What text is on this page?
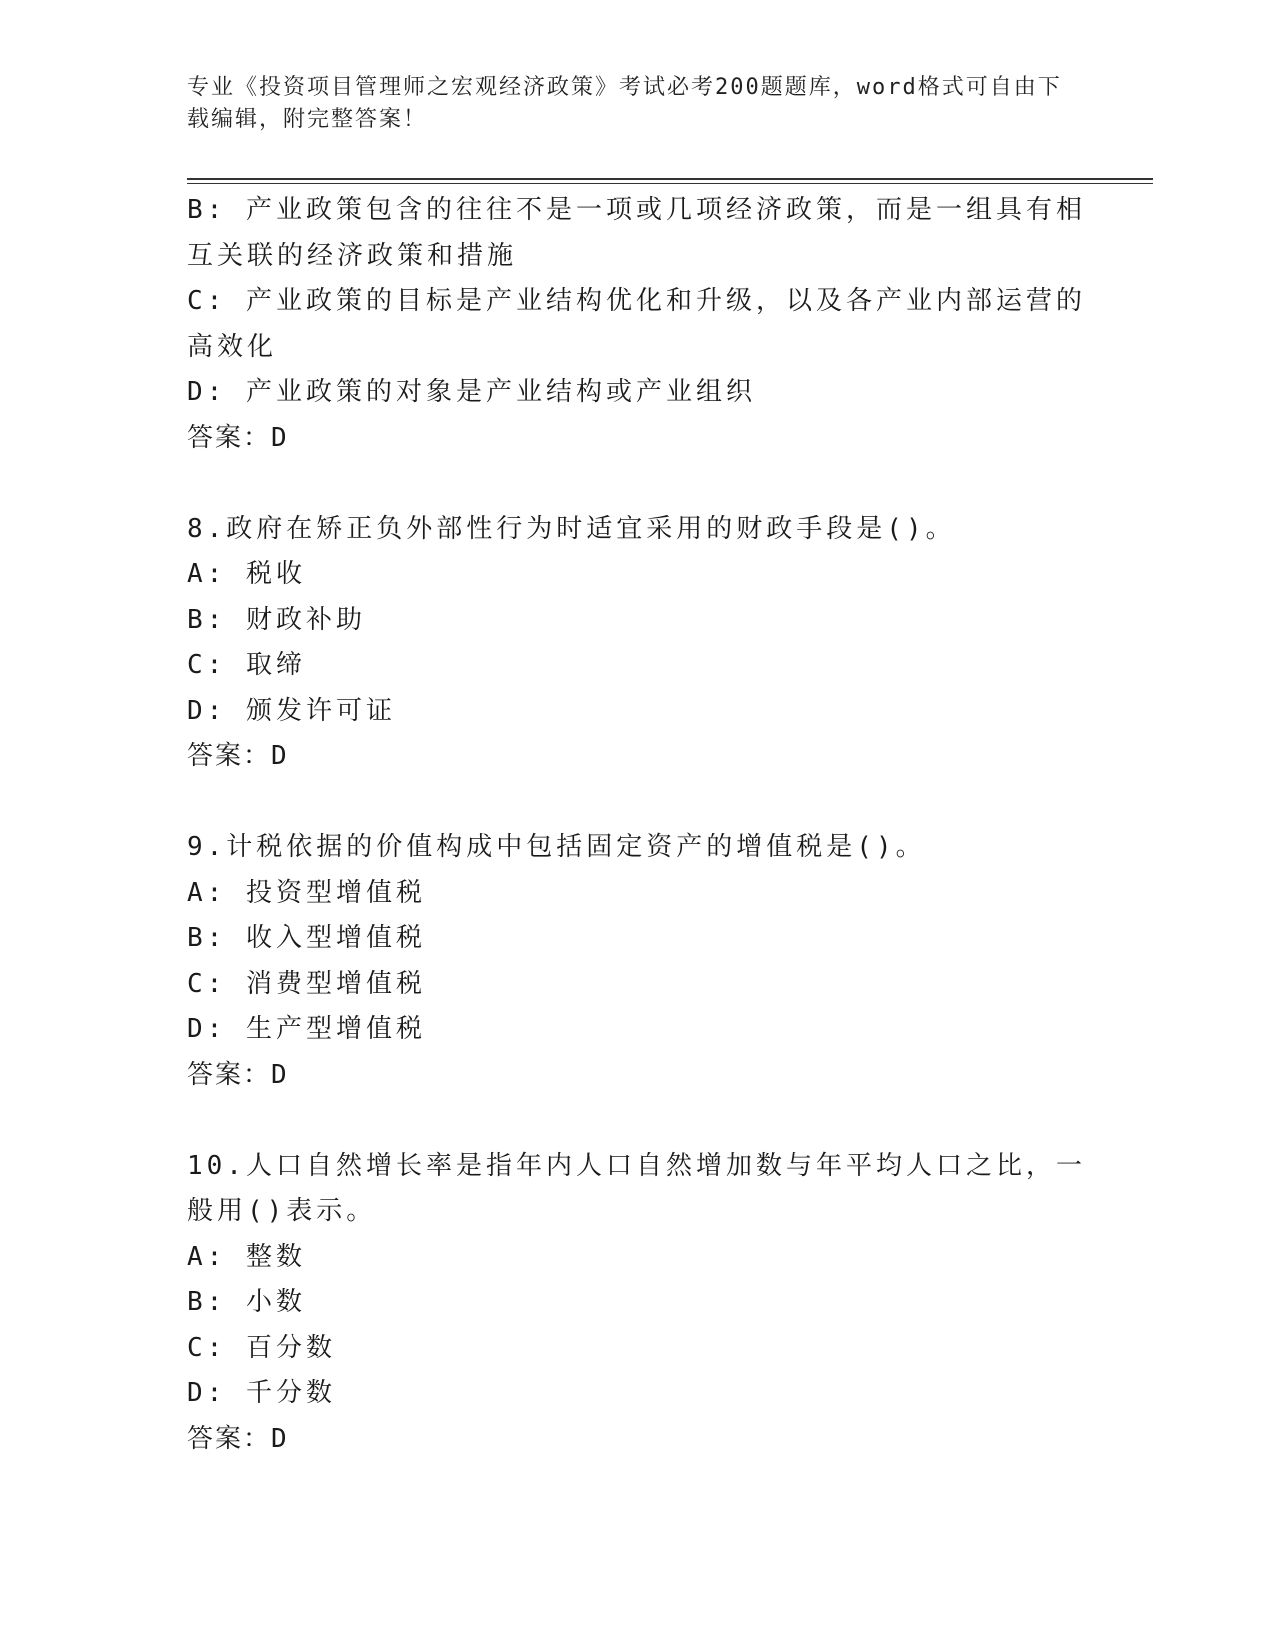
专业《投资项目管理师之宏观经济政策》考试必考200题题库，word格式可自由下载编辑，附完整答案！
B: 产业政策包含的往往不是一项或几项经济政策，而是一组具有相互关联的经济政策和措施
C: 产业政策的目标是产业结构优化和升级，以及各产业内部运营的高效化
D: 产业政策的对象是产业结构或产业组织
答案：D
8.政府在矫正负外部性行为时适宜采用的财政手段是()。
A: 税收
B: 财政补助
C: 取缔
D: 颁发许可证
答案：D
9.计税依据的价值构成中包括固定资产的增值税是()。
A: 投资型增值税
B: 收入型增值税
C: 消费型增值税
D: 生产型增值税
答案：D
10.人口自然增长率是指年内人口自然增加数与年平均人口之比，一般用()表示。
A: 整数
B: 小数
C: 百分数
D: 千分数
答案：D
